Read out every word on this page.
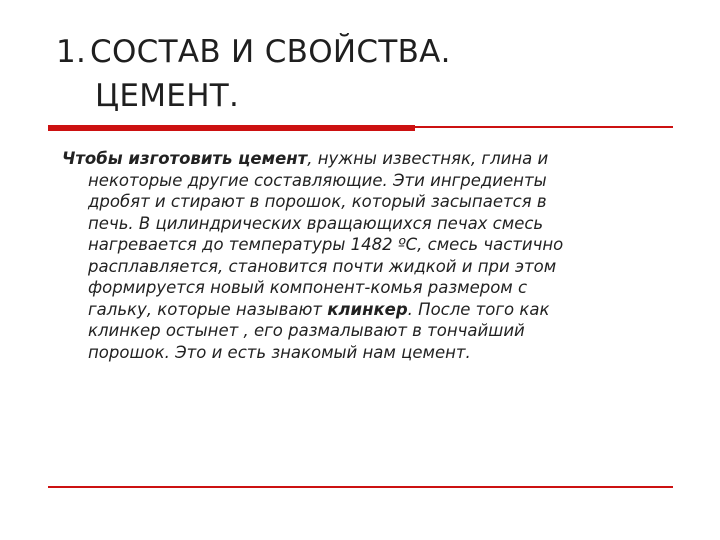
1. СОСТАВ И СВОЙСТВА.
ЦЕМЕНТ.
Чтобы изготовить цемент, нужны известняк, глина и
некоторые другие составляющие. Эти ингредиенты
дробят и стирают в порошок, который засыпается в
печь. В цилиндрических вращающихся печах смесь
нагревается до температуры 1482 ºС, смесь частично
расплавляется, становится почти жидкой и при этом
формируется новый компонент-комья размером с
гальку, которые называют клинкер. После того как
клинкер остынет , его размалывают в тончайший
порошок. Это и есть знакомый нам цемент.
